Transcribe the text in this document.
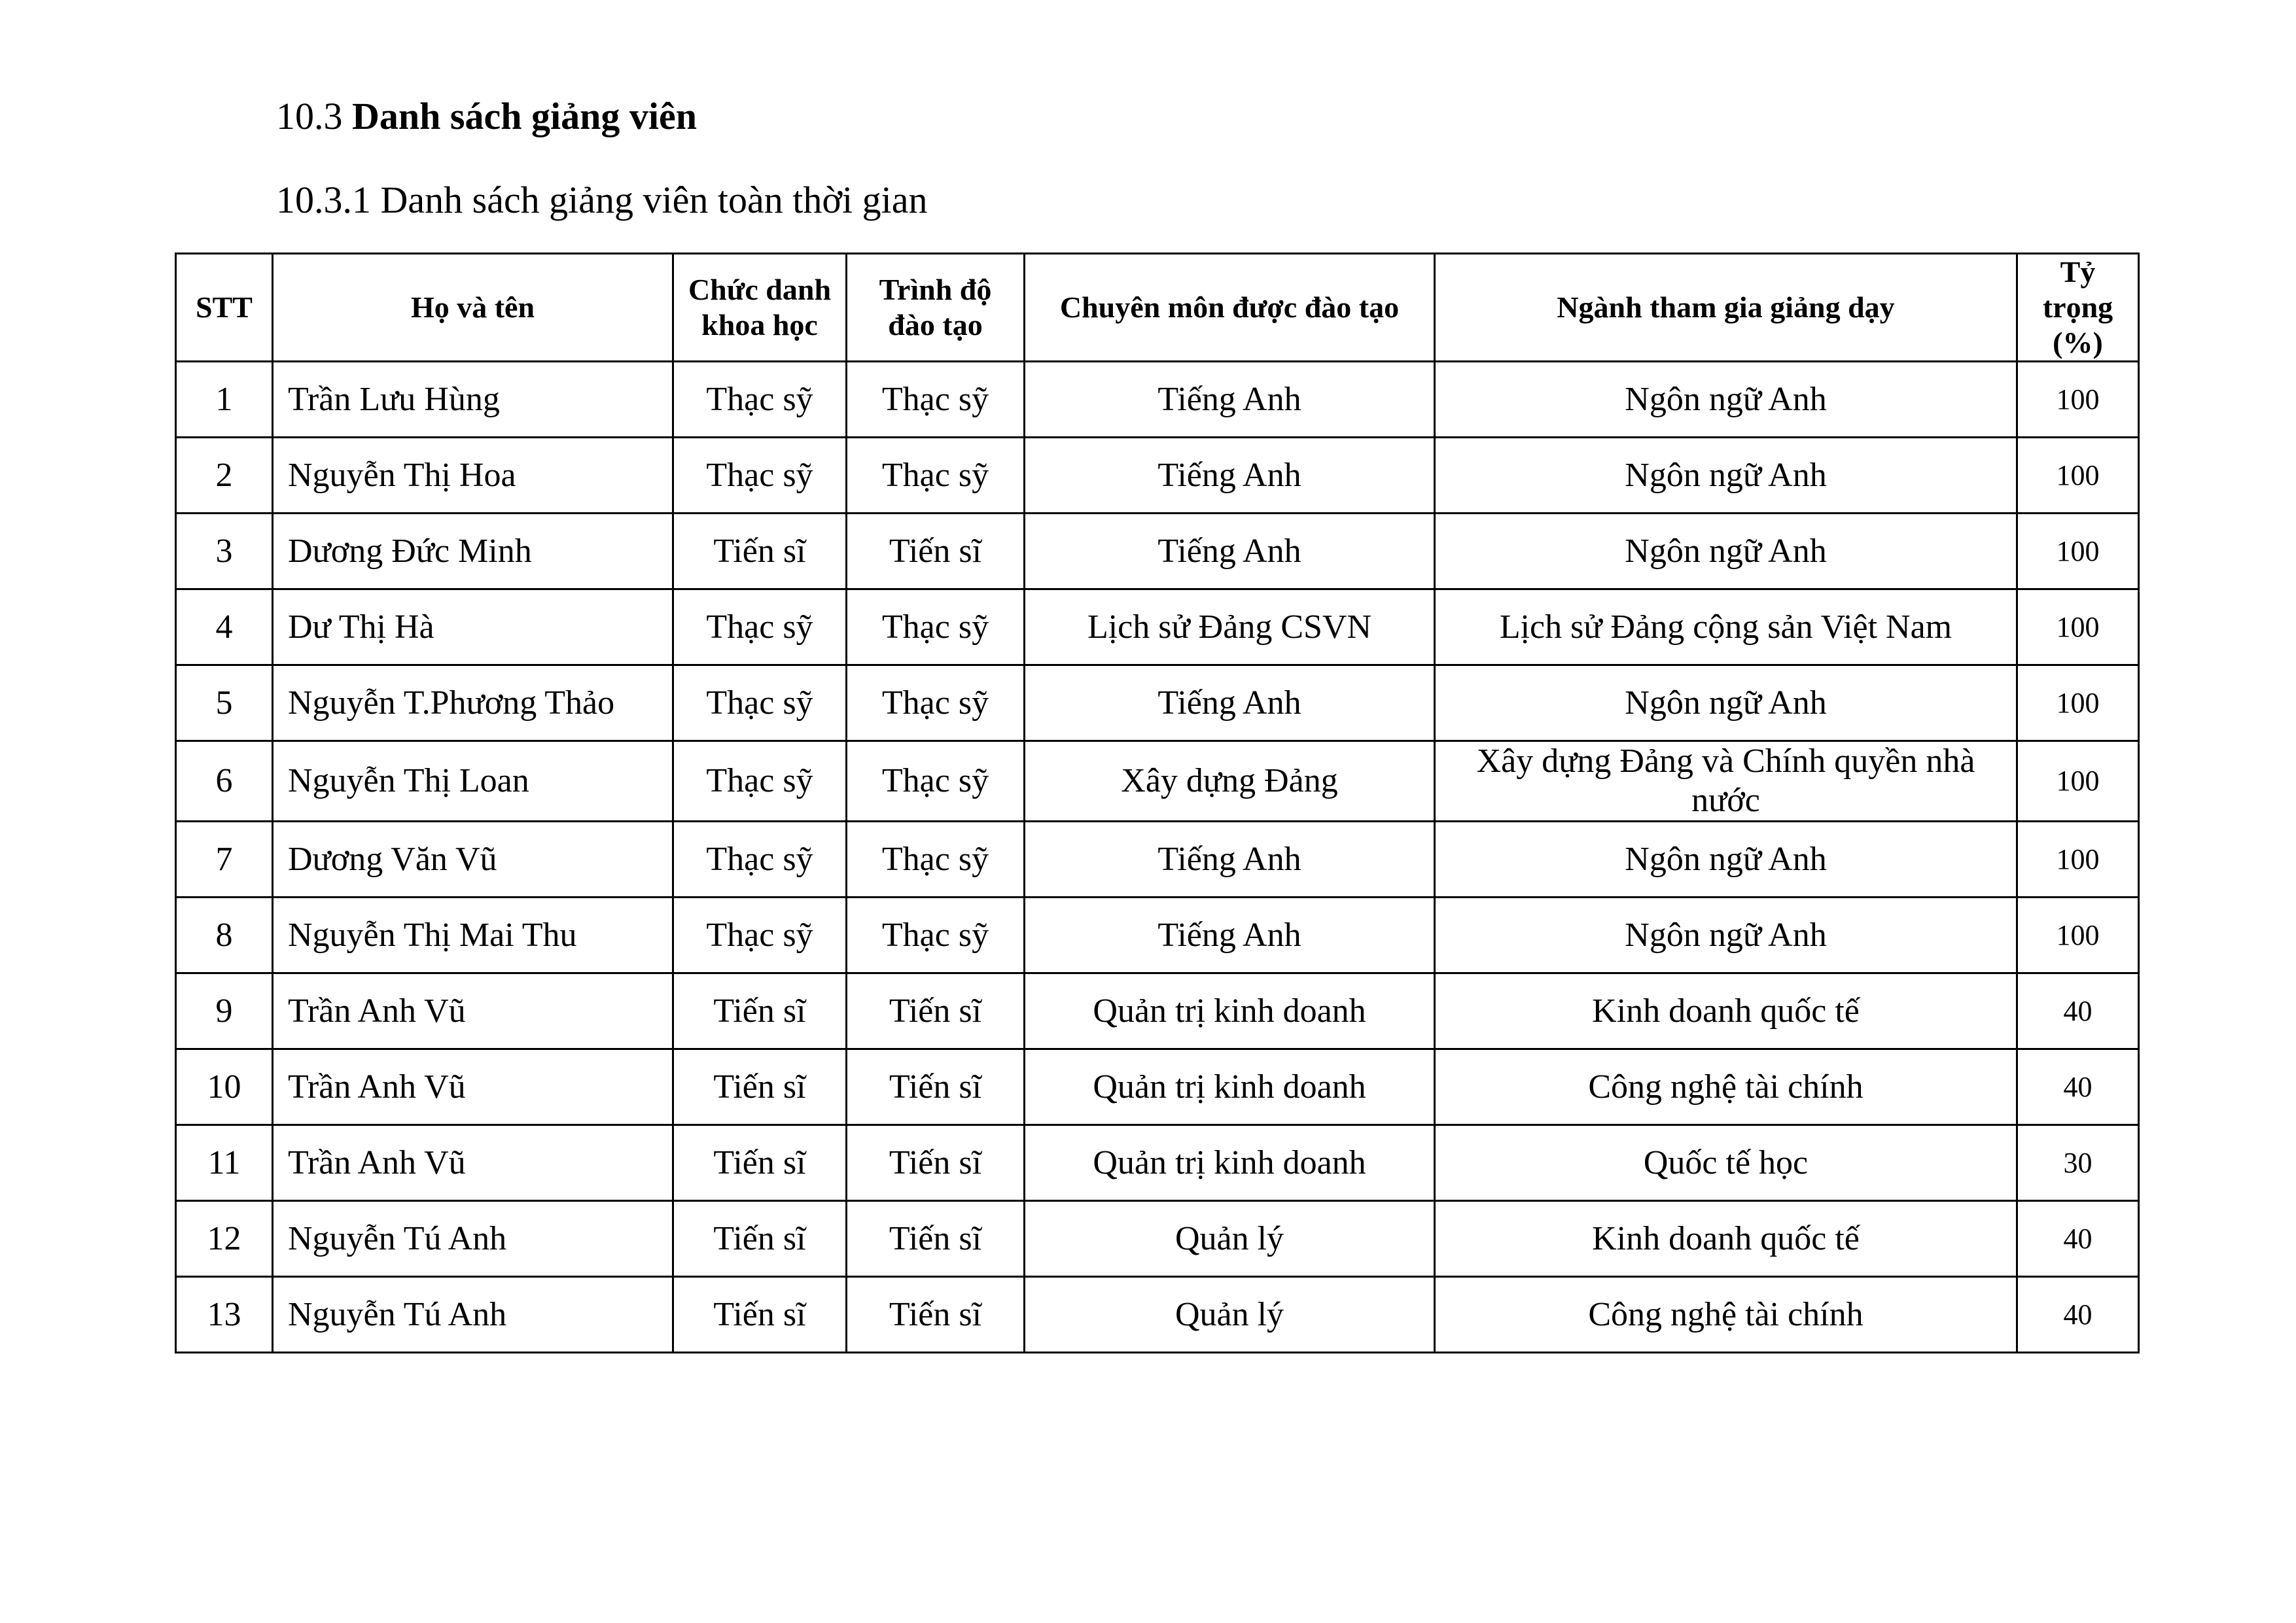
10.3 Danh sách giảng viên
10.3.1 Danh sách giảng viên toàn thời gian
STT	Họ và tên	Chức danh khoa học	Trình độ đào tạo	Chuyên môn được đào tạo	Ngành tham gia giảng dạy	Tỷ trọng (%)
1	Trần Lưu Hùng	Thạc sỹ	Thạc sỹ	Tiếng Anh	Ngôn ngữ Anh	100
2	Nguyễn Thị Hoa	Thạc sỹ	Thạc sỹ	Tiếng Anh	Ngôn ngữ Anh	100
3	Dương Đức Minh	Tiến sĩ	Tiến sĩ	Tiếng Anh	Ngôn ngữ Anh	100
4	Dư Thị Hà	Thạc sỹ	Thạc sỹ	Lịch sử Đảng CSVN	Lịch sử Đảng cộng sản Việt Nam	100
5	Nguyễn T.Phương Thảo	Thạc sỹ	Thạc sỹ	Tiếng Anh	Ngôn ngữ Anh	100
6	Nguyễn Thị Loan	Thạc sỹ	Thạc sỹ	Xây dựng Đảng	Xây dựng Đảng và Chính quyền nhà nước	100
7	Dương Văn Vũ	Thạc sỹ	Thạc sỹ	Tiếng Anh	Ngôn ngữ Anh	100
8	Nguyễn Thị Mai Thu	Thạc sỹ	Thạc sỹ	Tiếng Anh	Ngôn ngữ Anh	100
9	Trần Anh Vũ	Tiến sĩ	Tiến sĩ	Quản trị kinh doanh	Kinh doanh quốc tế	40
10	Trần Anh Vũ	Tiến sĩ	Tiến sĩ	Quản trị kinh doanh	Công nghệ tài chính	40
11	Trần Anh Vũ	Tiến sĩ	Tiến sĩ	Quản trị kinh doanh	Quốc tế học	30
12	Nguyễn Tú Anh	Tiến sĩ	Tiến sĩ	Quản lý	Kinh doanh quốc tế	40
13	Nguyễn Tú Anh	Tiến sĩ	Tiến sĩ	Quản lý	Công nghệ tài chính	40
